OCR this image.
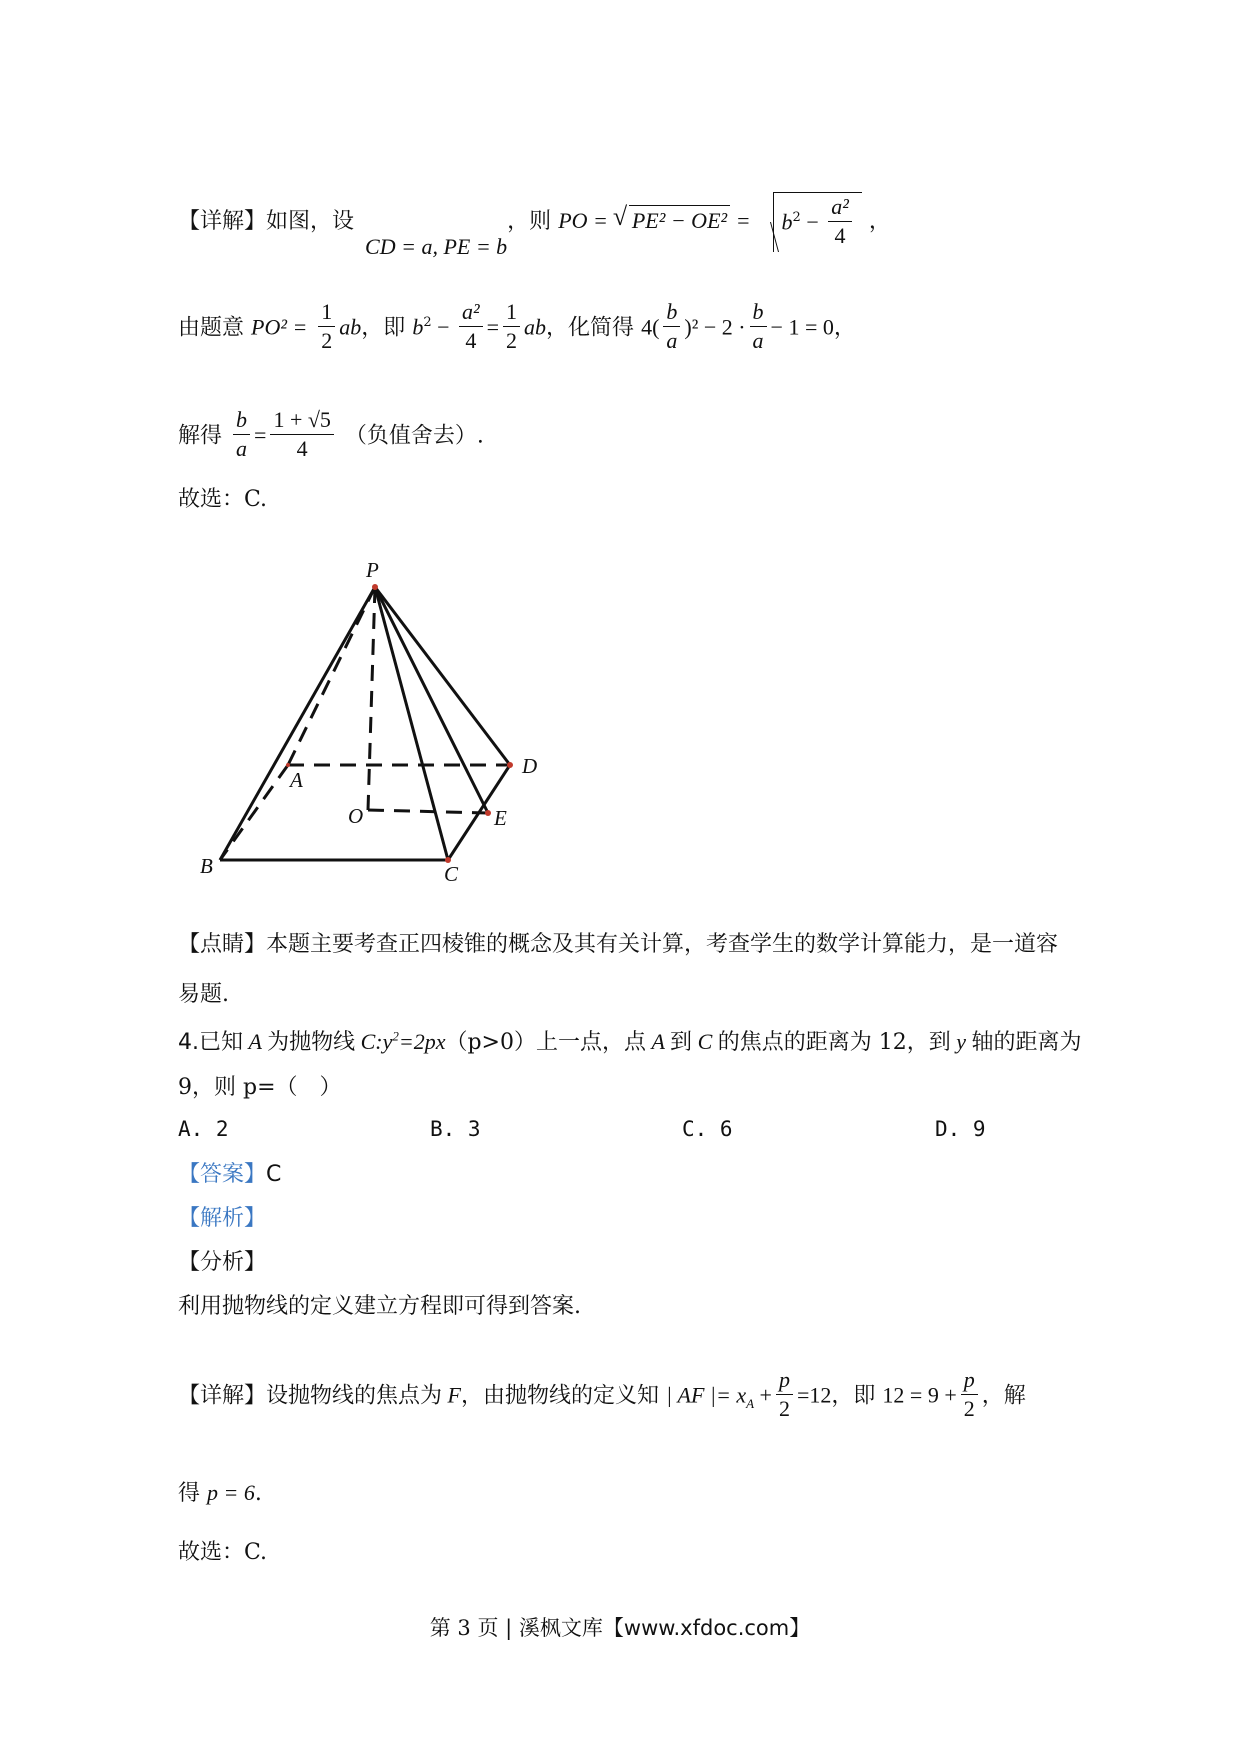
【详解】如图，设 CD = a, PE = b，则 PO = √ $PE^2 - OE^2 = b^2 - \frac{\text{a²}}{4}$ ，
由题意 $PO^2 = \frac{1}{2}$ ab，即 $b^2 - \frac{\text{a²}}{4} = \frac{1}{2}$ ab，化简得 $4( \frac{b}{a} )^2 - 2 \cdot \frac{b}{a} - 1 = 0$，
解得 $\frac{b}{a} = \frac{1 + √5}{4}$ （负值舍去）.
故选：C.
P
A
D
O	E
B	C
【点睛】本题主要考查正四棱锥的概念及其有关计算，考查学生的数学计算能力，是一道容
易题.
4.已知 A 为抛物线 $C:y^2=2px(p>0)$上一点，点 A 到 C 的焦点的距离为 12，到 y 轴的距离为
9，则 p=（　）
A. 2	B. 3	C. 6	D. 9
【答案】C
【解析】
【分析】
利用抛物线的定义建立方程即可得到答案.
【详解】设抛物线的焦点为 F，由抛物线的定义知 | AF |= $x_A + \frac{p}{2} =12$，即 $12 = 9 + \frac{p}{2}$ ，解
得 p = 6.
故选：C.
第 3 页 | 溪枫文库【www.xfdoc.com】
